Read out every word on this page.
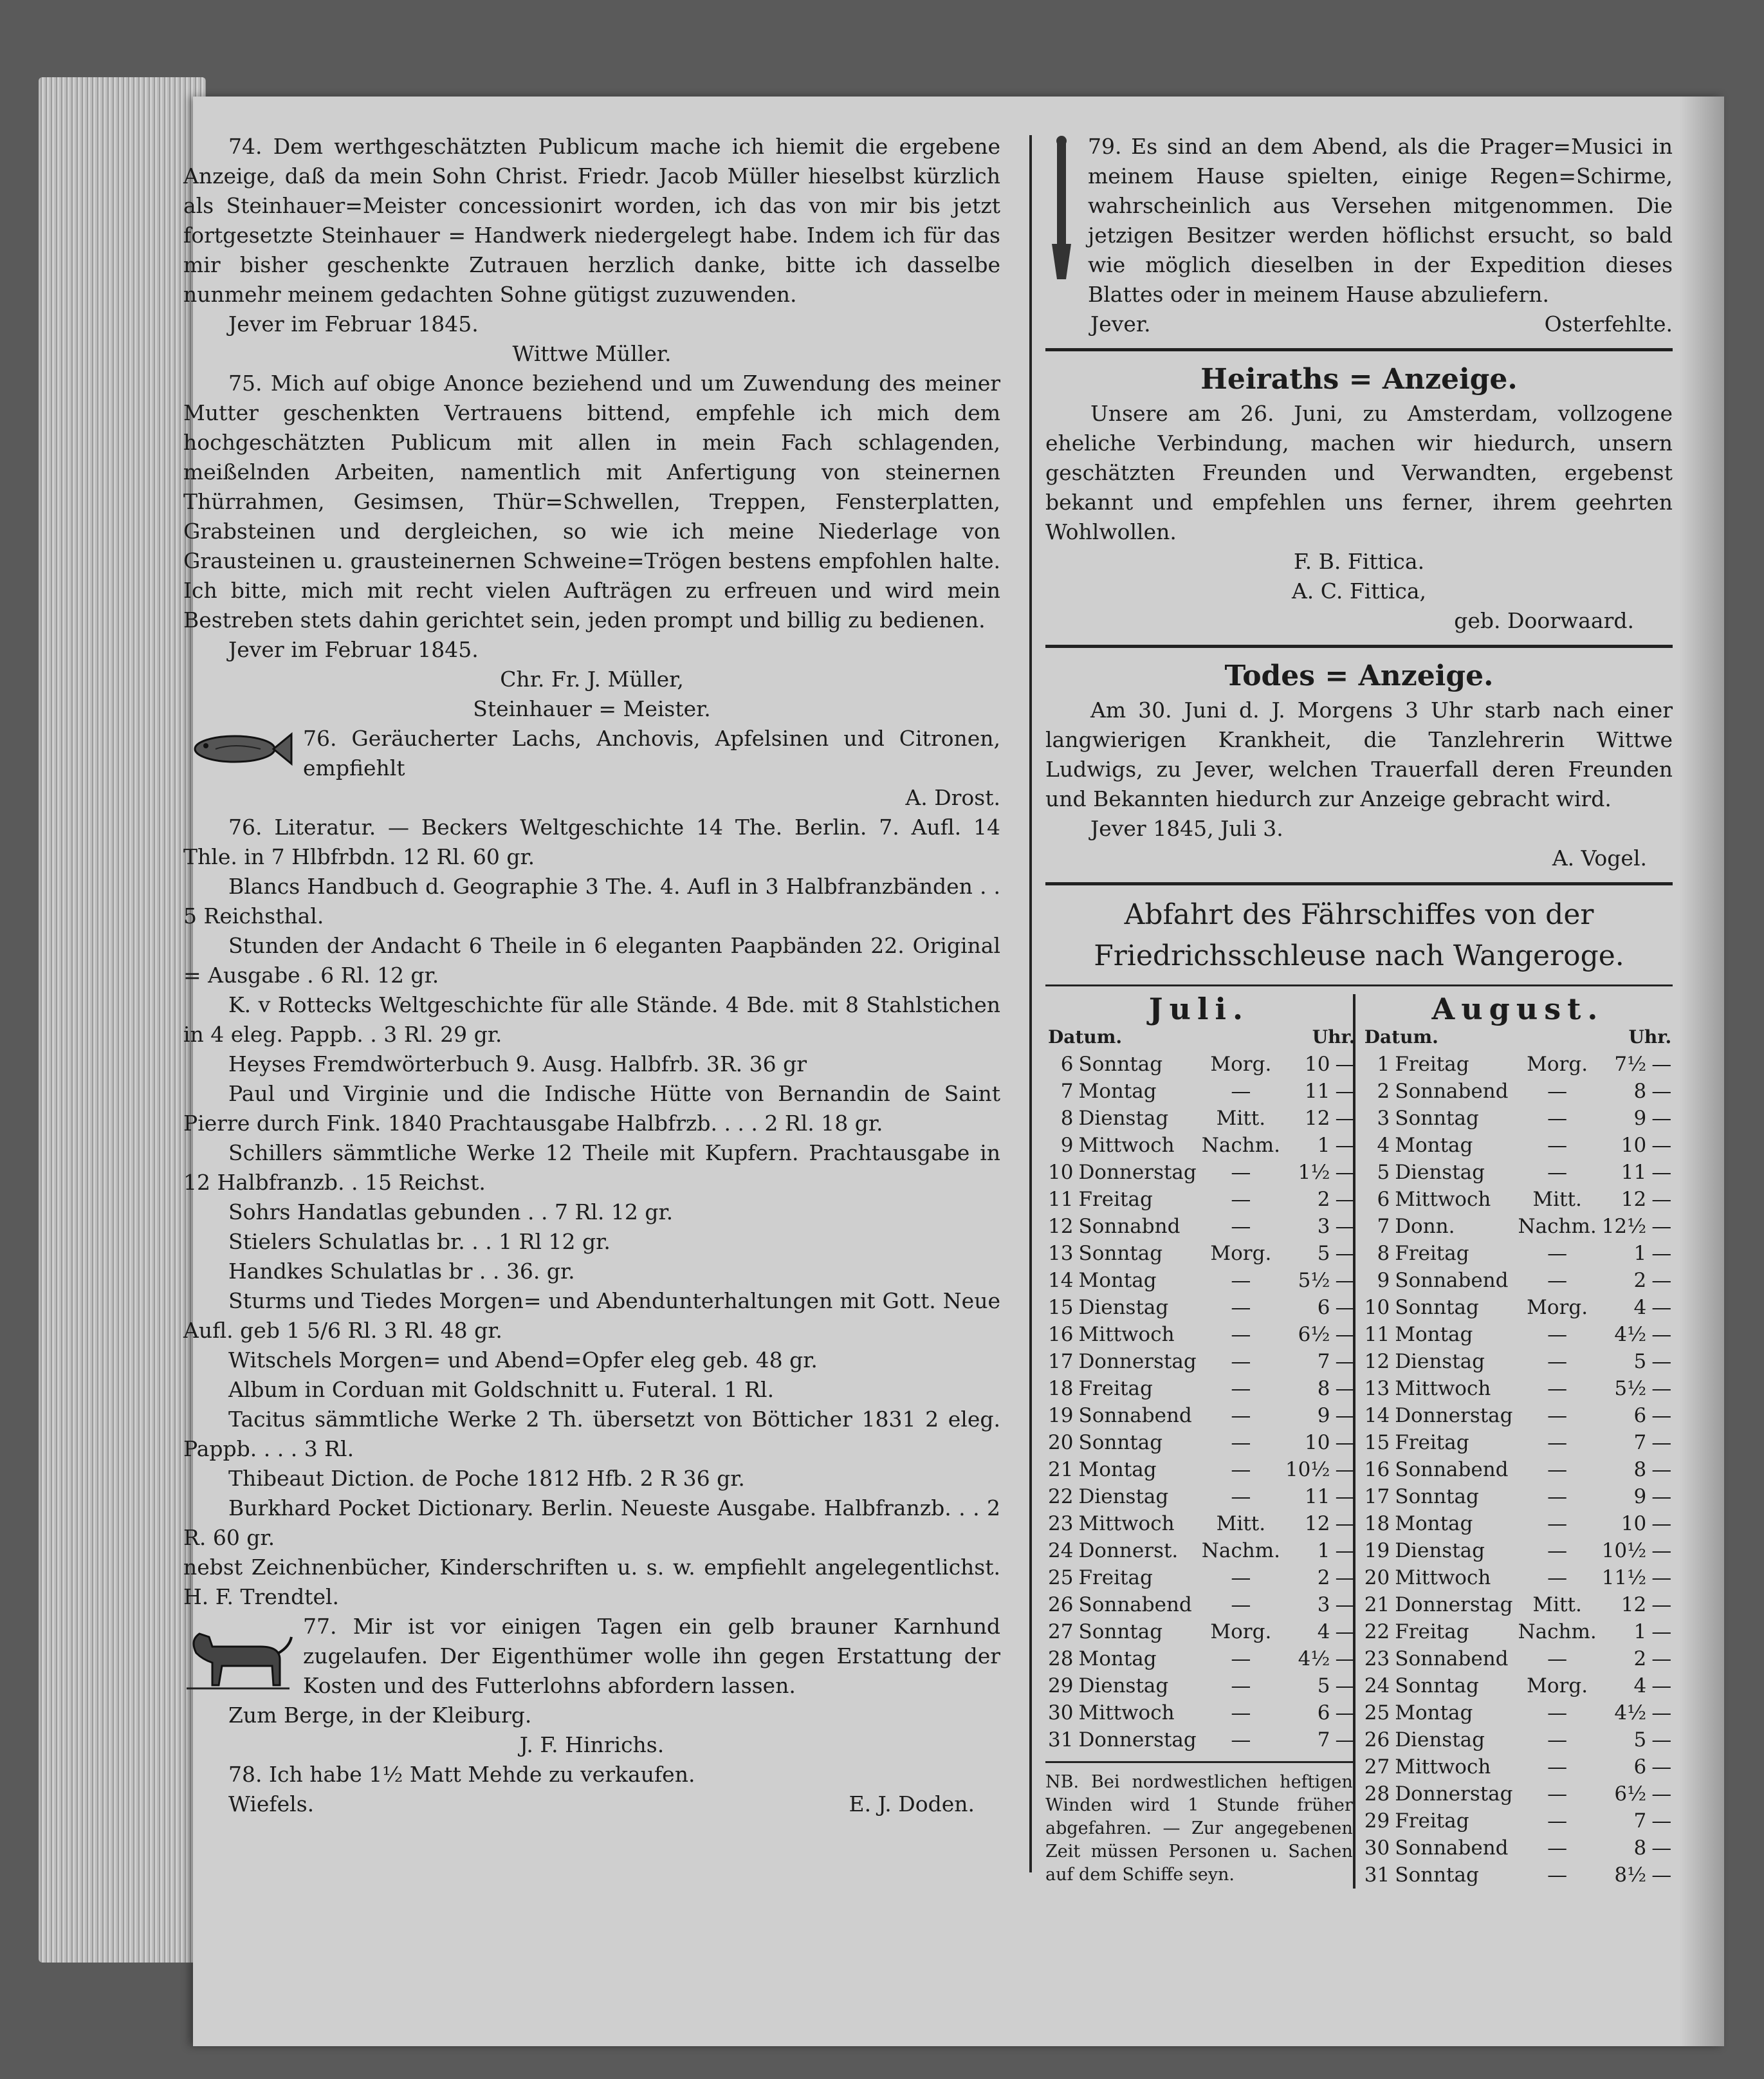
74. Dem werthgeschätzten Publicum mache ich hiemit die ergebene Anzeige, daß da mein Sohn Christ. Friedr. Jacob Müller hieselbst kürzlich als Steinhauer=Meister concessionirt worden, ich das von mir bis jetzt fortgesetzte Steinhauer = Handwerk niedergelegt habe. Indem ich für das mir bisher geschenkte Zutrauen herzlich danke, bitte ich dasselbe nunmehr meinem gedachten Sohne gütigst zuzuwenden.

Jever im Februar 1845.

Wittwe Müller.

75. Mich auf obige Anonce beziehend und um Zuwendung des meiner Mutter geschenkten Vertrauens bittend, empfehle ich mich dem hochgeschätzten Publicum mit allen in mein Fach schlagenden, meißelnden Arbeiten, namentlich mit Anfertigung von steinernen Thürrahmen, Gesimsen, Thür=Schwellen, Treppen, Fensterplatten, Grabsteinen und dergleichen, so wie ich meine Niederlage von Grausteinen u. grausteinernen Schweine=Trögen bestens empfohlen halte. Ich bitte, mich mit recht vielen Aufträgen zu erfreuen und wird mein Bestreben stets dahin gerichtet sein, jeden prompt und billig zu bedienen.

Jever im Februar 1845.

Chr. Fr. J. Müller,

Steinhauer = Meister.

76. Geräucherter Lachs, Anchovis, Apfelsinen und Citronen, empfiehlt

A. Drost.

76. Literatur. — Beckers Weltgeschichte 14 The. Berlin. 7. Aufl. 14 Thle. in 7 Hlbfrbdn. 12 Rl. 60 gr.

Blancs Handbuch d. Geographie 3 The. 4. Aufl in 3 Halbfranzbänden . . 5 Reichsthal.

Stunden der Andacht 6 Theile in 6 eleganten Paapbänden 22. Original = Ausgabe . 6 Rl. 12 gr.

K. v Rottecks Weltgeschichte für alle Stände. 4 Bde. mit 8 Stahlstichen in 4 eleg. Pappb. . 3 Rl. 29 gr.

Heyses Fremdwörterbuch 9. Ausg. Halbfrb. 3R. 36 gr

Paul und Virginie und die Indische Hütte von Bernandin de Saint Pierre durch Fink. 1840 Prachtausgabe Halbfrzb. . . . 2 Rl. 18 gr.

Schillers sämmtliche Werke 12 Theile mit Kupfern. Prachtausgabe in 12 Halbfranzb. . 15 Reichst.

Sohrs Handatlas gebunden . . 7 Rl. 12 gr.

Stielers Schulatlas br. . . 1 Rl 12 gr.

Handkes Schulatlas br . . 36. gr.

Sturms und Tiedes Morgen= und Abendunterhaltungen mit Gott. Neue Aufl. geb 1 5/6 Rl. 3 Rl. 48 gr.

Witschels Morgen= und Abend=Opfer eleg geb. 48 gr.

Album in Corduan mit Goldschnitt u. Futeral. 1 Rl.

Tacitus sämmtliche Werke 2 Th. übersetzt von Bötticher 1831 2 eleg. Pappb. . . . 3 Rl.

Thibeaut Diction. de Poche 1812 Hfb. 2 R 36 gr.

Burkhard Pocket Dictionary. Berlin. Neueste Ausgabe. Halbfranzb. . . 2 R. 60 gr.

nebst Zeichnenbücher, Kinderschriften u. s. w. empfiehlt angelegentlichst. H. F. Trendtel.

77. Mir ist vor einigen Tagen ein gelb brauner Karnhund zugelaufen. Der Eigenthümer wolle ihn gegen Erstattung der Kosten und des Futterlohns abfordern lassen.

Zum Berge, in der Kleiburg.

J. F. Hinrichs.

78. Ich habe 1½ Matt Mehde zu verkaufen.

Wiefels.	E. J. Doden.

79. Es sind an dem Abend, als die Prager=Musici in meinem Hause spielten, einige Regen=Schirme, wahrscheinlich aus Versehen mitgenommen. Die jetzigen Besitzer werden höflichst ersucht, so bald wie möglich dieselben in der Expedition dieses Blattes oder in meinem Hause abzuliefern.

Jever.	Osterfehlte.

Heiraths = Anzeige.

Unsere am 26. Juni, zu Amsterdam, vollzogene eheliche Verbindung, machen wir hiedurch, unsern geschätzten Freunden und Verwandten, ergebenst bekannt und empfehlen uns ferner, ihrem geehrten Wohlwollen.

F. B. Fittica.

A. C. Fittica,

geb. Doorwaard.

Todes = Anzeige.

Am 30. Juni d. J. Morgens 3 Uhr starb nach einer langwierigen Krankheit, die Tanzlehrerin Wittwe Ludwigs, zu Jever, welchen Trauerfall deren Freunden und Bekannten hiedurch zur Anzeige gebracht wird.

Jever 1845, Juli 3.

A. Vogel.

Abfahrt des Fährschiffes von der Friedrichsschleuse nach Wangeroge.
Juli.
Datum.			Uhr.	
6	Sonntag	Morg.	10	—
7	Montag	—	11	—
8	Dienstag	Mitt.	12	—
9	Mittwoch	Nachm.	1	—
10	Donnerstag	—	1½	—
11	Freitag	—	2	—
12	Sonnabnd	—	3	—
13	Sonntag	Morg.	5	—
14	Montag	—	5½	—
15	Dienstag	—	6	—
16	Mittwoch	—	6½	—
17	Donnerstag	—	7	—
18	Freitag	—	8	—
19	Sonnabend	—	9	—
20	Sonntag	—	10	—
21	Montag	—	10½	—
22	Dienstag	—	11	—
23	Mittwoch	Mitt.	12	—
24	Donnerst.	Nachm.	1	—
25	Freitag	—	2	—
26	Sonnabend	—	3	—
27	Sonntag	Morg.	4	—
28	Montag	—	4½	—
29	Dienstag	—	5	—
30	Mittwoch	—	6	—
31	Donnerstag	—	7	—

NB. Bei nordwestlichen heftigen Winden wird 1 Stunde früher abgefahren. — Zur angegebenen Zeit müssen Personen u. Sachen auf dem Schiffe seyn.

August.
Datum.			Uhr.	
1	Freitag	Morg.	7½	—
2	Sonnabend	—	8	—
3	Sonntag	—	9	—
4	Montag	—	10	—
5	Dienstag	—	11	—
6	Mittwoch	Mitt.	12	—
7	Donn.	Nachm.	12½	—
8	Freitag	—	1	—
9	Sonnabend	—	2	—
10	Sonntag	Morg.	4	—
11	Montag	—	4½	—
12	Dienstag	—	5	—
13	Mittwoch	—	5½	—
14	Donnerstag	—	6	—
15	Freitag	—	7	—
16	Sonnabend	—	8	—
17	Sonntag	—	9	—
18	Montag	—	10	—
19	Dienstag	—	10½	—
20	Mittwoch	—	11½	—
21	Donnerstag	Mitt.	12	—
22	Freitag	Nachm.	1	—
23	Sonnabend	—	2	—
24	Sonntag	Morg.	4	—
25	Montag	—	4½	—
26	Dienstag	—	5	—
27	Mittwoch	—	6	—
28	Donnerstag	—	6½	—
29	Freitag	—	7	—
30	Sonnabend	—	8	—
31	Sonntag	—	8½	—
